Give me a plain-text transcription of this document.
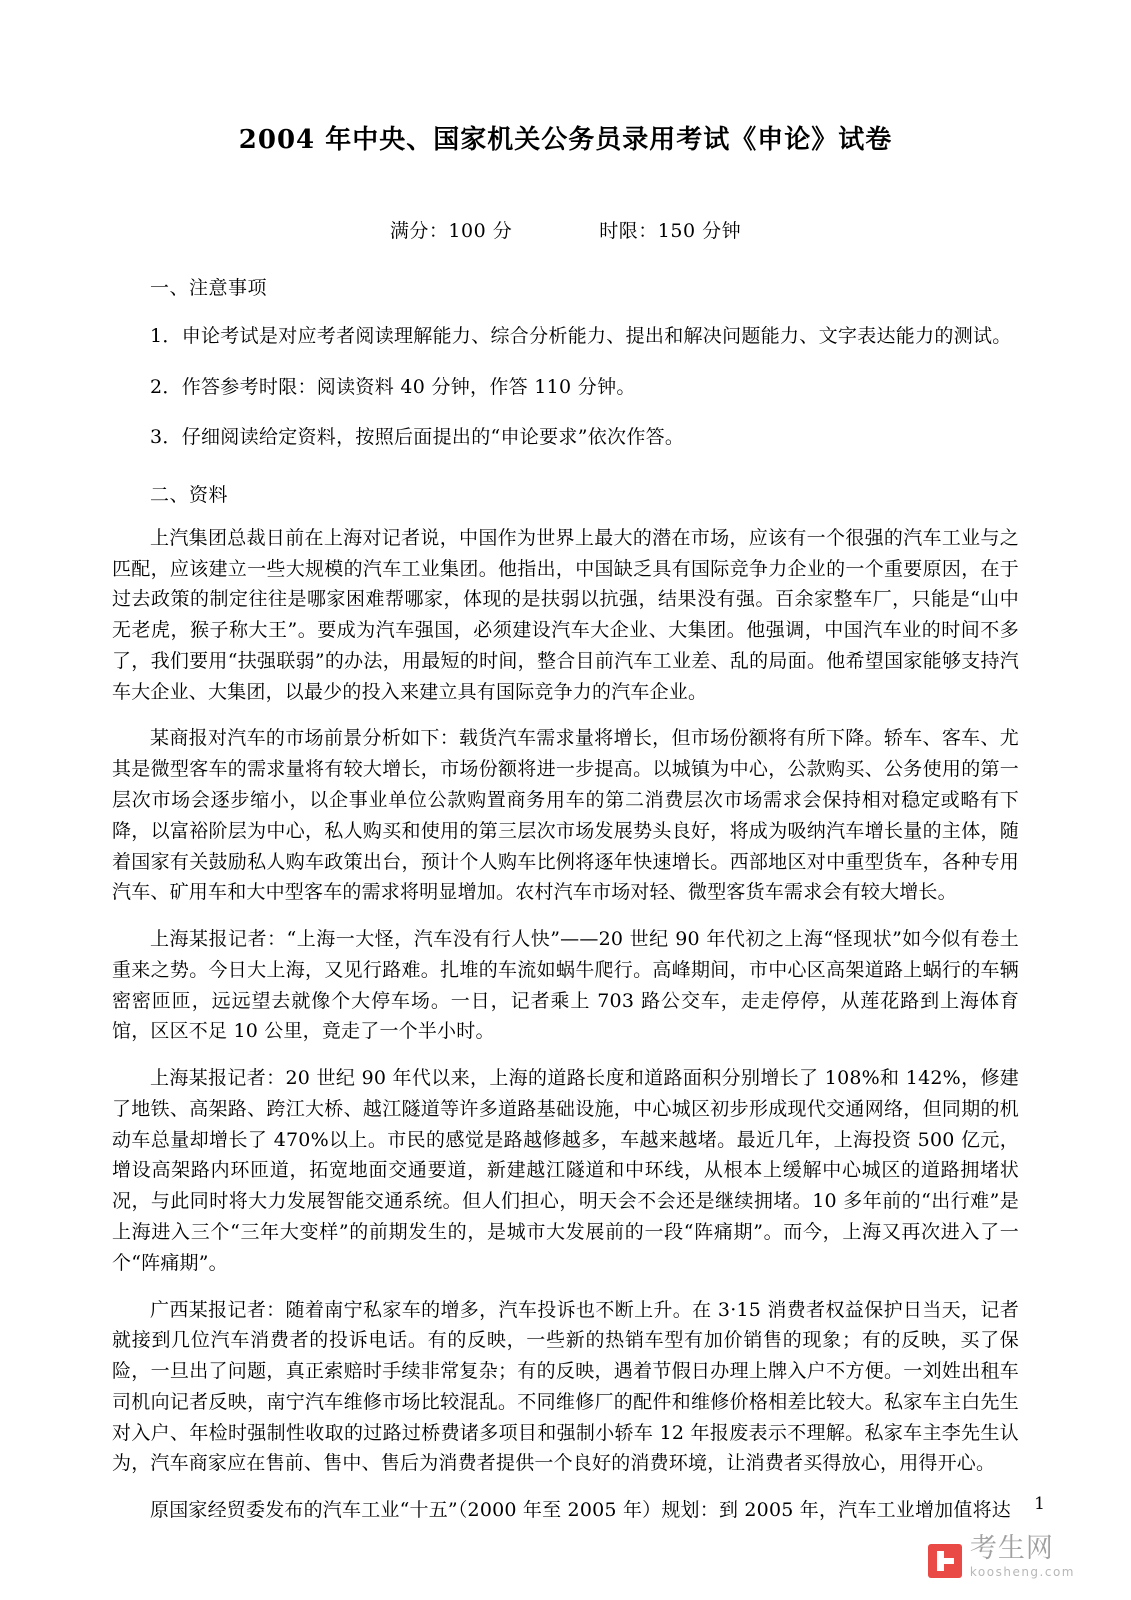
2004 年中央、国家机关公务员录用考试《申论》试卷
满分：100 分	时限：150 分钟
一、注意事项
1．申论考试是对应考者阅读理解能力、综合分析能力、提出和解决问题能力、文字表达能力的测试。
2．作答参考时限：阅读资料 40 分钟，作答 110 分钟。
3．仔细阅读给定资料，按照后面提出的“申论要求”依次作答。
二、资料

上汽集团总裁日前在上海对记者说，中国作为世界上最大的潜在市场，应该有一个很强的汽车工业与之匹配，应该建立一些大规模的汽车工业集团。他指出，中国缺乏具有国际竞争力企业的一个重要原因，在于过去政策的制定往往是哪家困难帮哪家，体现的是扶弱以抗强，结果没有强。百余家整车厂，只能是“山中无老虎，猴子称大王”。要成为汽车强国，必须建设汽车大企业、大集团。他强调，中国汽车业的时间不多了，我们要用“扶强联弱”的办法，用最短的时间，整合目前汽车工业差、乱的局面。他希望国家能够支持汽车大企业、大集团，以最少的投入来建立具有国际竞争力的汽车企业。

某商报对汽车的市场前景分析如下：载货汽车需求量将增长，但市场份额将有所下降。轿车、客车、尤其是微型客车的需求量将有较大增长，市场份额将进一步提高。以城镇为中心，公款购买、公务使用的第一层次市场会逐步缩小，以企事业单位公款购置商务用车的第二消费层次市场需求会保持相对稳定或略有下降，以富裕阶层为中心，私人购买和使用的第三层次市场发展势头良好，将成为吸纳汽车增长量的主体，随着国家有关鼓励私人购车政策出台，预计个人购车比例将逐年快速增长。西部地区对中重型货车，各种专用汽车、矿用车和大中型客车的需求将明显增加。农村汽车市场对轻、微型客货车需求会有较大增长。

上海某报记者：“上海一大怪，汽车没有行人快”——20 世纪 90 年代初之上海“怪现状”如今似有卷土重来之势。今日大上海，又见行路难。扎堆的车流如蜗牛爬行。高峰期间，市中心区高架道路上蜗行的车辆密密匝匝，远远望去就像个大停车场。一日，记者乘上 703 路公交车，走走停停，从莲花路到上海体育馆，区区不足 10 公里，竟走了一个半小时。

上海某报记者：20 世纪 90 年代以来，上海的道路长度和道路面积分别增长了 108%和 142%，修建了地铁、高架路、跨江大桥、越江隧道等许多道路基础设施，中心城区初步形成现代交通网络，但同期的机动车总量却增长了 470%以上。市民的感觉是路越修越多，车越来越堵。最近几年，上海投资 500 亿元，增设高架路内环匝道，拓宽地面交通要道，新建越江隧道和中环线，从根本上缓解中心城区的道路拥堵状况，与此同时将大力发展智能交通系统。但人们担心，明天会不会还是继续拥堵。10 多年前的“出行难”是上海进入三个“三年大变样”的前期发生的，是城市大发展前的一段“阵痛期”。而今，上海又再次进入了一个“阵痛期”。

广西某报记者：随着南宁私家车的增多，汽车投诉也不断上升。在 3·15 消费者权益保护日当天，记者就接到几位汽车消费者的投诉电话。有的反映，一些新的热销车型有加价销售的现象；有的反映，买了保险，一旦出了问题，真正索赔时手续非常复杂；有的反映，遇着节假日办理上牌入户不方便。一刘姓出租车司机向记者反映，南宁汽车维修市场比较混乱。不同维修厂的配件和维修价格相差比较大。私家车主白先生对入户、年检时强制性收取的过路过桥费诸多项目和强制小轿车 12 年报废表示不理解。私家车主李先生认为，汽车商家应在售前、售中、售后为消费者提供一个良好的消费环境，让消费者买得放心，用得开心。

原国家经贸委发布的汽车工业“十五”（2000 年至 2005 年）规划：到 2005 年，汽车工业增加值将达	1
考生网
koosheng.com
